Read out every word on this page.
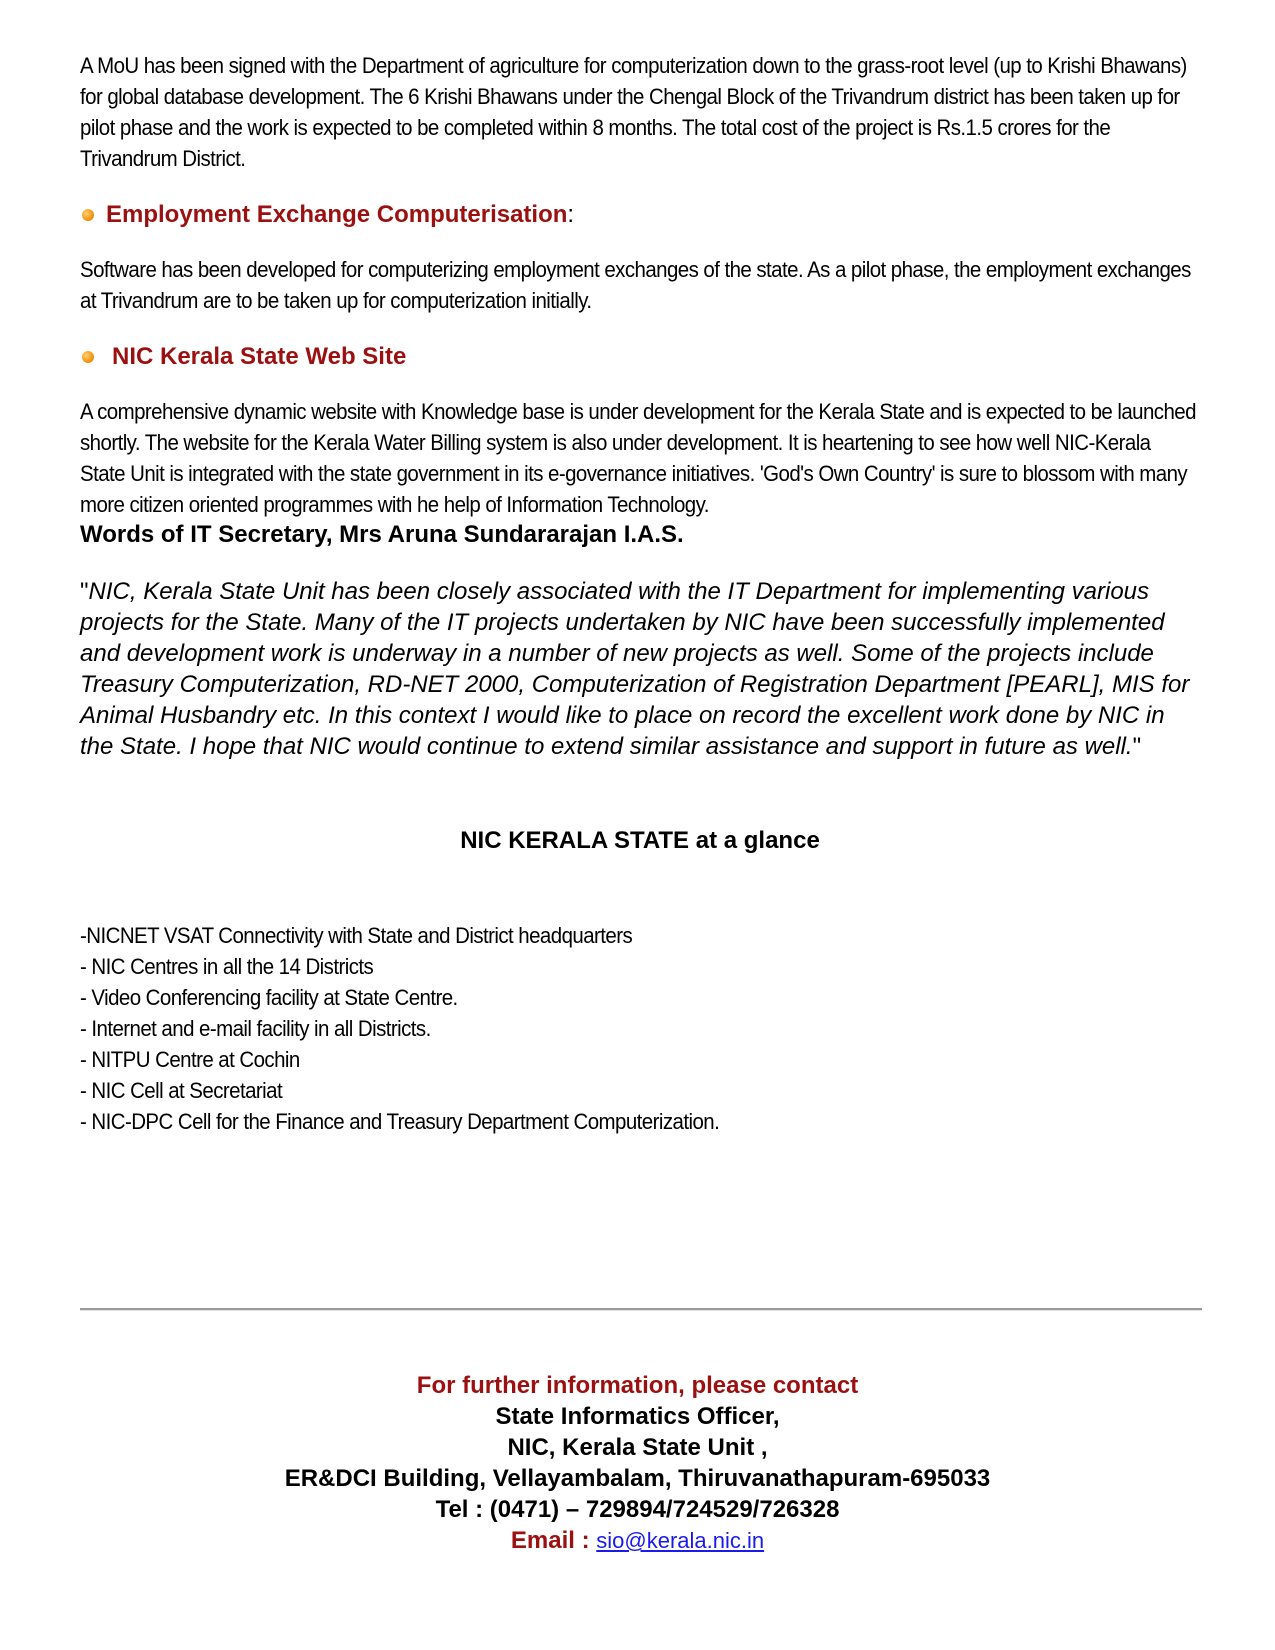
A MoU has been signed with the Department of agriculture for computerization down to the grass-root level (up to Krishi Bhawans) for global database development. The 6 Krishi Bhawans under the Chengal Block of the Trivandrum district has been taken up for pilot phase and the work is expected to be completed within 8 months. The total cost of the project is Rs.1.5 crores for the Trivandrum District.

Employment Exchange Computerisation :

Software has been developed for computerizing employment exchanges of the state. As a pilot phase, the employment exchanges at Trivandrum are to be taken up for computerization initially.

NIC Kerala State Web Site

A comprehensive dynamic website with Knowledge base is under development for the Kerala State and is expected to be launched shortly. The website for the Kerala Water Billing system is also under development. It is heartening to see how well NIC-Kerala State Unit is integrated with the state government in its e-governance initiatives. 'God's Own Country' is sure to blossom with many more citizen oriented programmes with he help of Information Technology.

Words of IT Secretary, Mrs Aruna Sundararajan I.A.S.

"NIC, Kerala State Unit has been closely associated with the IT Department for implementing various projects for the State. Many of the IT projects undertaken by NIC have been successfully implemented and development work is underway in a number of new projects as well. Some of the projects include Treasury Computerization, RD-NET 2000, Computerization of Registration Department [PEARL], MIS for Animal Husbandry etc. In this context I would like to place on record the excellent work done by NIC in the State. I hope that NIC would continue to extend similar assistance and support in future as well."

NIC KERALA STATE at a glance

-NICNET VSAT Connectivity with State and District headquarters
- NIC Centres in all the 14 Districts
- Video Conferencing facility at State Centre.
- Internet and e-mail facility in all Districts.
- NITPU Centre at Cochin
- NIC Cell at Secretariat
- NIC-DPC Cell for the Finance and Treasury Department Computerization.
For further information, please contact
State Informatics Officer,
NIC, Kerala State Unit ,
ER&DCI Building, Vellayambalam, Thiruvanathapuram-695033
Tel : (0471) – 729894/724529/726328
Email : sio@kerala.nic.in
